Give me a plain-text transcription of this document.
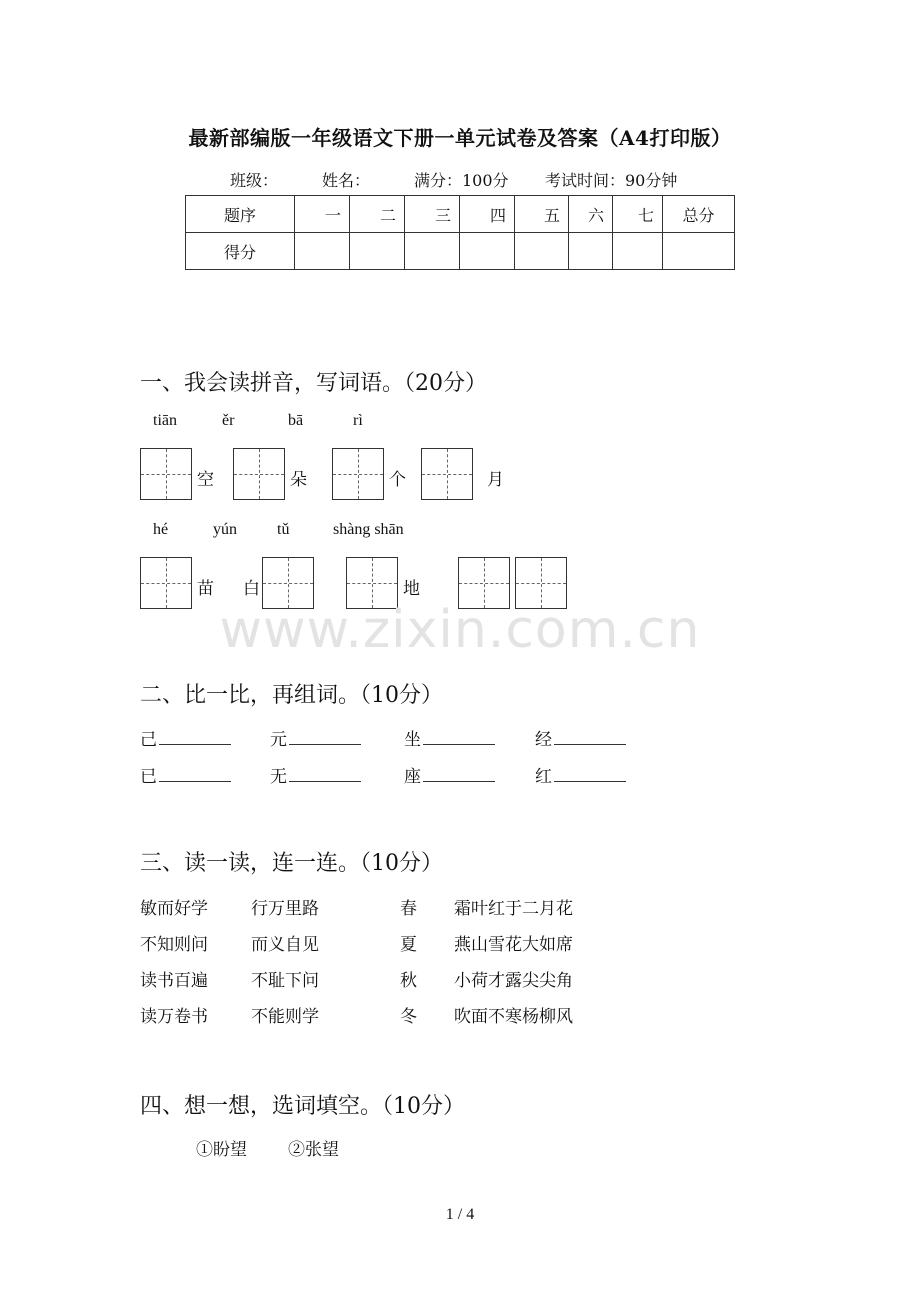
最新部编版一年级语文下册一单元试卷及答案（A4打印版）
班级：	姓名：	满分：100分 考试时间：90分钟
题序	一	二	三	四	五	六	七	总分
得分								
一、我会读拼音，写词语。（20分）
tiān	ěr	bā	rì
空	朵	个	月
hé	yún	tǔ	shàng shān
苗 白	地
www.zixin.com.cn
二、比一比，再组词。（10分）
己	元	坐	经
已	无	座	红
三、读一读，连一连。（10分）
敏而好学	行万里路	春 霜叶红于二月花
不知则问	而义自见	夏 燕山雪花大如席
读书百遍	不耻下问	秋 小荷才露尖尖角
读万卷书	不能则学	冬 吹面不寒杨柳风
四、想一想，选词填空。（10分）
①盼望 ②张望
1 / 4
